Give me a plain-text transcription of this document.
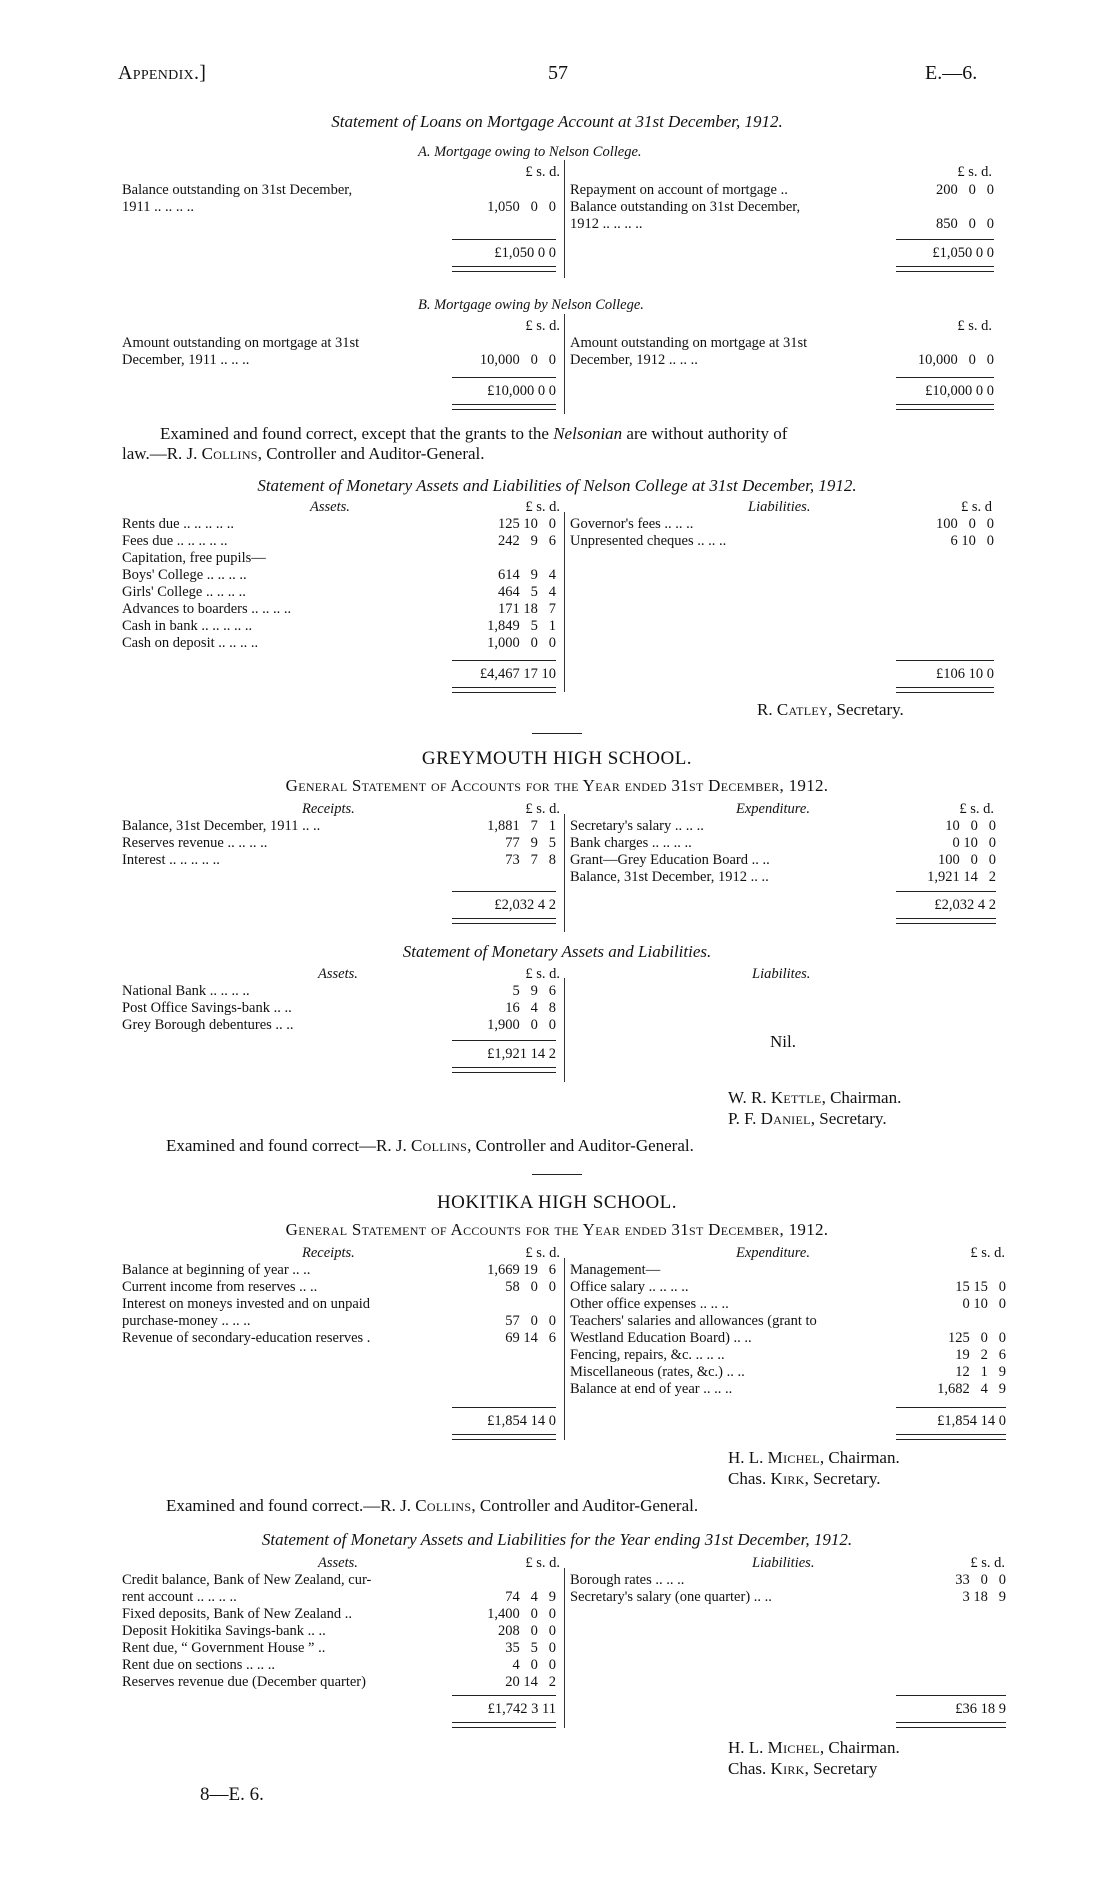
Appendix.]	57	E.—6.
Statement of Loans on Mortgage Account at 31st December, 1912.
A. Mortgage owing to Nelson College.
£ s. d.	£ s. d.
Balance outstanding on 31st December,
1911 .. .. .. ..	1,050   0   0
£1,050 0 0
Repayment on account of mortgage ..	200   0   0
Balance outstanding on 31st December,
1912 .. .. .. ..	850   0   0
£1,050 0 0
B. Mortgage owing by Nelson College.
£ s. d.	£ s. d.
Amount outstanding on mortgage at 31st
December, 1911 .. .. ..	10,000   0   0
£10,000 0 0
Amount outstanding on mortgage at 31st
December, 1912 .. .. ..	10,000   0   0
£10,000 0 0
Examined and found correct, except that the grants to the Nelsonian are without authority of
law.—R. J. Collins, Controller and Auditor-General.
Statement of Monetary Assets and Liabilities of Nelson College at 31st December, 1912.
Assets.	Liabilities.
£ s. d.	£ s. d
Rents due .. .. .. .. ..	125 10   0
Fees due .. .. .. .. ..	242   9   6
Capitation, free pupils—
Boys' College .. .. .. ..	614   9   4
Girls' College .. .. .. ..	464   5   4
Advances to boarders .. .. .. ..	171 18   7
Cash in bank .. .. .. .. ..	1,849   5   1
Cash on deposit .. .. .. ..	1,000   0   0
£4,467 17 10
Governor's fees .. .. ..	100   0   0
Unpresented cheques .. .. ..	6 10   0
£106 10 0
R. Catley, Secretary.
GREYMOUTH HIGH SCHOOL.
General Statement of Accounts for the Year ended 31st December, 1912.
Receipts.	Expenditure.
£ s. d.	£ s. d.
Balance, 31st December, 1911 .. ..	1,881   7   1
Reserves revenue .. .. .. ..	77   9   5
Interest .. .. .. .. ..	73   7   8
£2,032 4 2
Secretary's salary .. .. ..	10   0   0
Bank charges .. .. .. ..	0 10   0
Grant—Grey Education Board .. ..	100   0   0
Balance, 31st December, 1912 .. ..	1,921 14   2
£2,032 4 2
Statement of Monetary Assets and Liabilities.
Assets.	Liabilites.
£ s. d.
National Bank .. .. .. ..	5   9   6
Post Office Savings-bank .. ..	16   4   8
Grey Borough debentures .. ..	1,900   0   0
£1,921 14 2
Nil.
W. R. Kettle, Chairman.
P. F. Daniel, Secretary.
Examined and found correct—R. J. Collins, Controller and Auditor-General.
HOKITIKA HIGH SCHOOL.
General Statement of Accounts for the Year ended 31st December, 1912.
Receipts.	Expenditure.
£ s. d.	£ s. d.
Balance at beginning of year .. ..	1,669 19   6
Current income from reserves .. ..	58   0   0
Interest on moneys invested and on unpaid
purchase-money .. .. ..	57   0   0
Revenue of secondary-education reserves .	69 14   6
£1,854 14 0
Management—
Office salary .. .. .. ..	15 15   0
Other office expenses .. .. ..	0 10   0
Teachers' salaries and allowances (grant to
Westland Education Board) .. ..	125   0   0
Fencing, repairs, &c. .. .. ..	19   2   6
Miscellaneous (rates, &c.) .. ..	12   1   9
Balance at end of year .. .. ..	1,682   4   9
£1,854 14 0
H. L. Michel, Chairman.
Chas. Kirk, Secretary.
Examined and found correct.—R. J. Collins, Controller and Auditor-General.
Statement of Monetary Assets and Liabilities for the Year ending 31st December, 1912.
Assets.	Liabilities.
£ s. d.	£ s. d.
Credit balance, Bank of New Zealand, cur-
rent account .. .. .. ..	74   4   9
Fixed deposits, Bank of New Zealand ..	1,400   0   0
Deposit Hokitika Savings-bank .. ..	208   0   0
Rent due, “ Government House ” ..	35   5   0
Rent due on sections .. .. ..	4   0   0
Reserves revenue due (December quarter)	20 14   2
£1,742 3 11
Borough rates .. .. ..	33   0   0
Secretary's salary (one quarter) .. ..	3 18   9
£36 18 9
H. L. Michel, Chairman.
Chas. Kirk, Secretary
8—E. 6.
